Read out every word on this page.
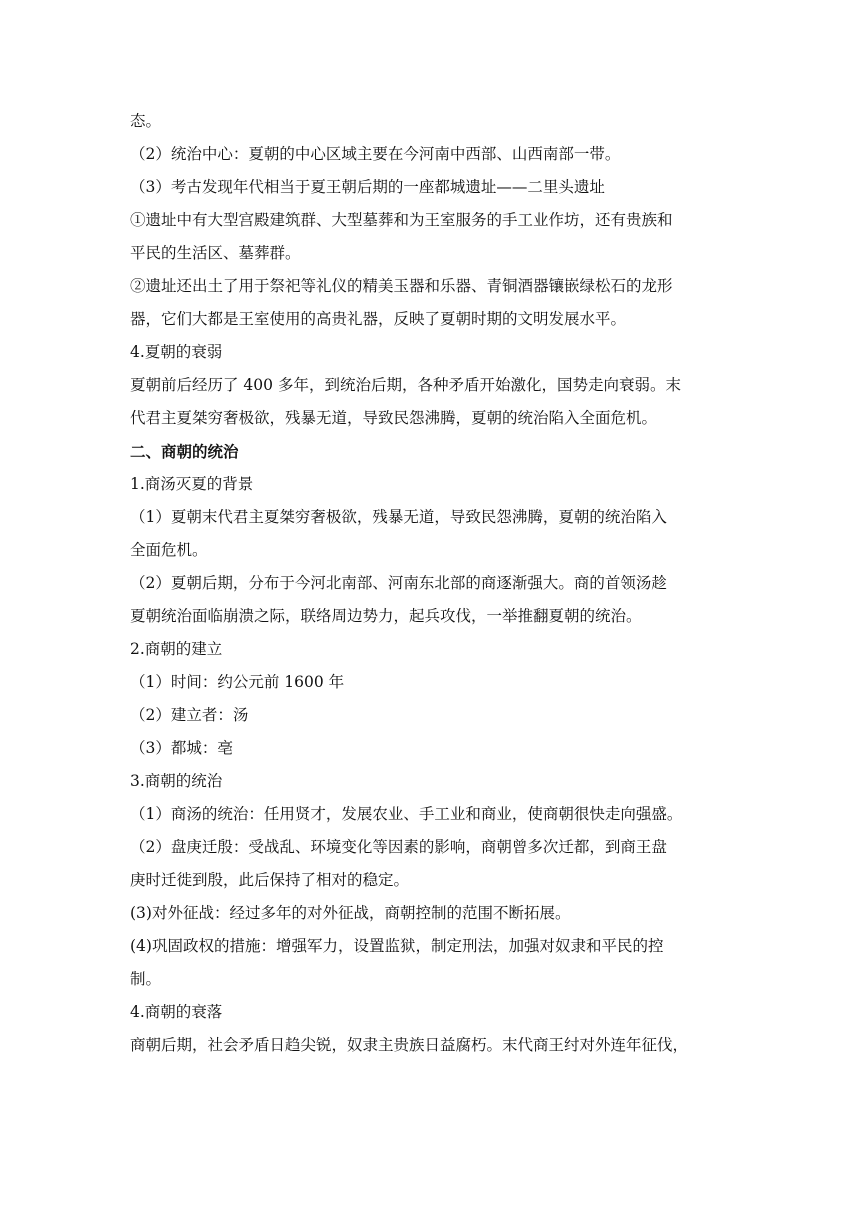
态。
（2）统治中心：夏朝的中心区域主要在今河南中西部、山西南部一带。
（3）考古发现年代相当于夏王朝后期的一座都城遗址——二里头遗址
①遗址中有大型宫殿建筑群、大型墓葬和为王室服务的手工业作坊，还有贵族和
平民的生活区、墓葬群。
②遗址还出土了用于祭祀等礼仪的精美玉器和乐器、青铜酒器镶嵌绿松石的龙形
器，它们大都是王室使用的高贵礼器，反映了夏朝时期的文明发展水平。
4.夏朝的衰弱
夏朝前后经历了 400 多年，到统治后期，各种矛盾开始激化，国势走向衰弱。末
代君主夏桀穷奢极欲，残暴无道，导致民怨沸腾，夏朝的统治陷入全面危机。
二、商朝的统治
1.商汤灭夏的背景
（1）夏朝末代君主夏桀穷奢极欲，残暴无道，导致民怨沸腾，夏朝的统治陷入
全面危机。
（2）夏朝后期，分布于今河北南部、河南东北部的商逐渐强大。商的首领汤趁
夏朝统治面临崩溃之际，联络周边势力，起兵攻伐，一举推翻夏朝的统治。
2.商朝的建立
（1）时间：约公元前 1600 年
（2）建立者：汤
（3）都城：亳
3.商朝的统治
（1）商汤的统治：任用贤才，发展农业、手工业和商业，使商朝很快走向强盛。
（2）盘庚迁殷：受战乱、环境变化等因素的影响，商朝曾多次迁都，到商王盘
庚时迁徙到殷，此后保持了相对的稳定。
(3)对外征战：经过多年的对外征战，商朝控制的范围不断拓展。
(4)巩固政权的措施：增强军力，设置监狱，制定刑法，加强对奴隶和平民的控
制。
4.商朝的衰落
商朝后期，社会矛盾日趋尖锐，奴隶主贵族日益腐朽。末代商王纣对外连年征伐，
